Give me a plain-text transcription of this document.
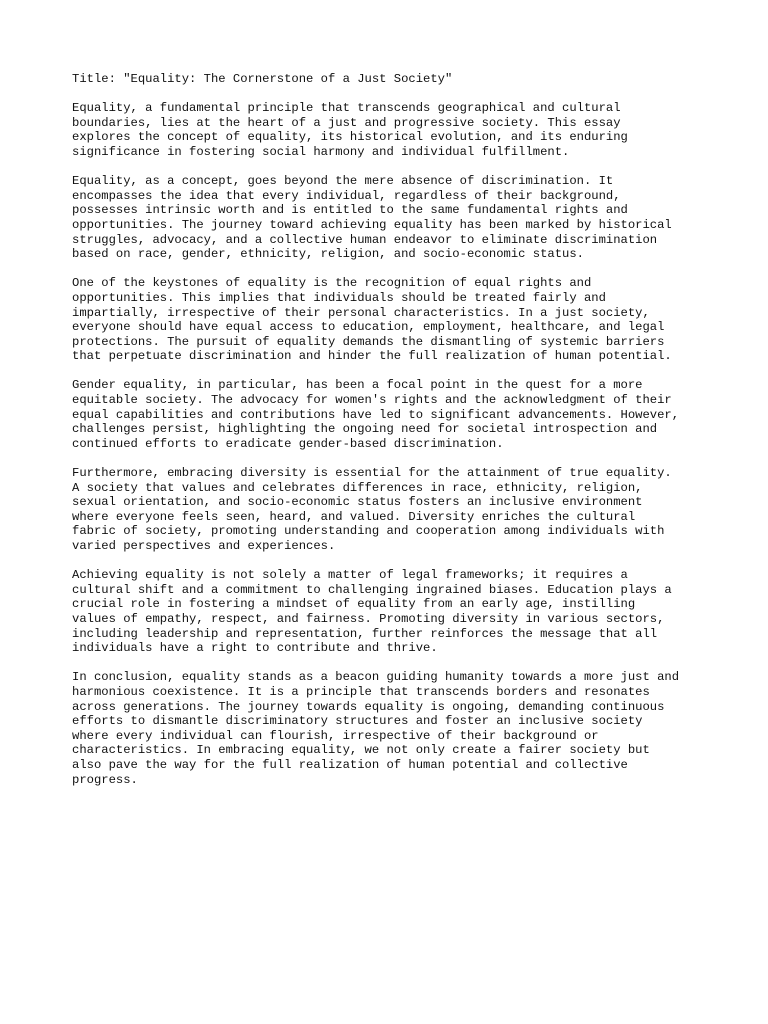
Title: "Equality: The Cornerstone of a Just Society"
Equality, a fundamental principle that transcends geographical and cultural
boundaries, lies at the heart of a just and progressive society. This essay
explores the concept of equality, its historical evolution, and its enduring
significance in fostering social harmony and individual fulfillment.
Equality, as a concept, goes beyond the mere absence of discrimination. It
encompasses the idea that every individual, regardless of their background,
possesses intrinsic worth and is entitled to the same fundamental rights and
opportunities. The journey toward achieving equality has been marked by historical
struggles, advocacy, and a collective human endeavor to eliminate discrimination
based on race, gender, ethnicity, religion, and socio-economic status.
One of the keystones of equality is the recognition of equal rights and
opportunities. This implies that individuals should be treated fairly and
impartially, irrespective of their personal characteristics. In a just society,
everyone should have equal access to education, employment, healthcare, and legal
protections. The pursuit of equality demands the dismantling of systemic barriers
that perpetuate discrimination and hinder the full realization of human potential.
Gender equality, in particular, has been a focal point in the quest for a more
equitable society. The advocacy for women's rights and the acknowledgment of their
equal capabilities and contributions have led to significant advancements. However,
challenges persist, highlighting the ongoing need for societal introspection and
continued efforts to eradicate gender-based discrimination.
Furthermore, embracing diversity is essential for the attainment of true equality.
A society that values and celebrates differences in race, ethnicity, religion,
sexual orientation, and socio-economic status fosters an inclusive environment
where everyone feels seen, heard, and valued. Diversity enriches the cultural
fabric of society, promoting understanding and cooperation among individuals with
varied perspectives and experiences.
Achieving equality is not solely a matter of legal frameworks; it requires a
cultural shift and a commitment to challenging ingrained biases. Education plays a
crucial role in fostering a mindset of equality from an early age, instilling
values of empathy, respect, and fairness. Promoting diversity in various sectors,
including leadership and representation, further reinforces the message that all
individuals have a right to contribute and thrive.
In conclusion, equality stands as a beacon guiding humanity towards a more just and
harmonious coexistence. It is a principle that transcends borders and resonates
across generations. The journey towards equality is ongoing, demanding continuous
efforts to dismantle discriminatory structures and foster an inclusive society
where every individual can flourish, irrespective of their background or
characteristics. In embracing equality, we not only create a fairer society but
also pave the way for the full realization of human potential and collective
progress.
